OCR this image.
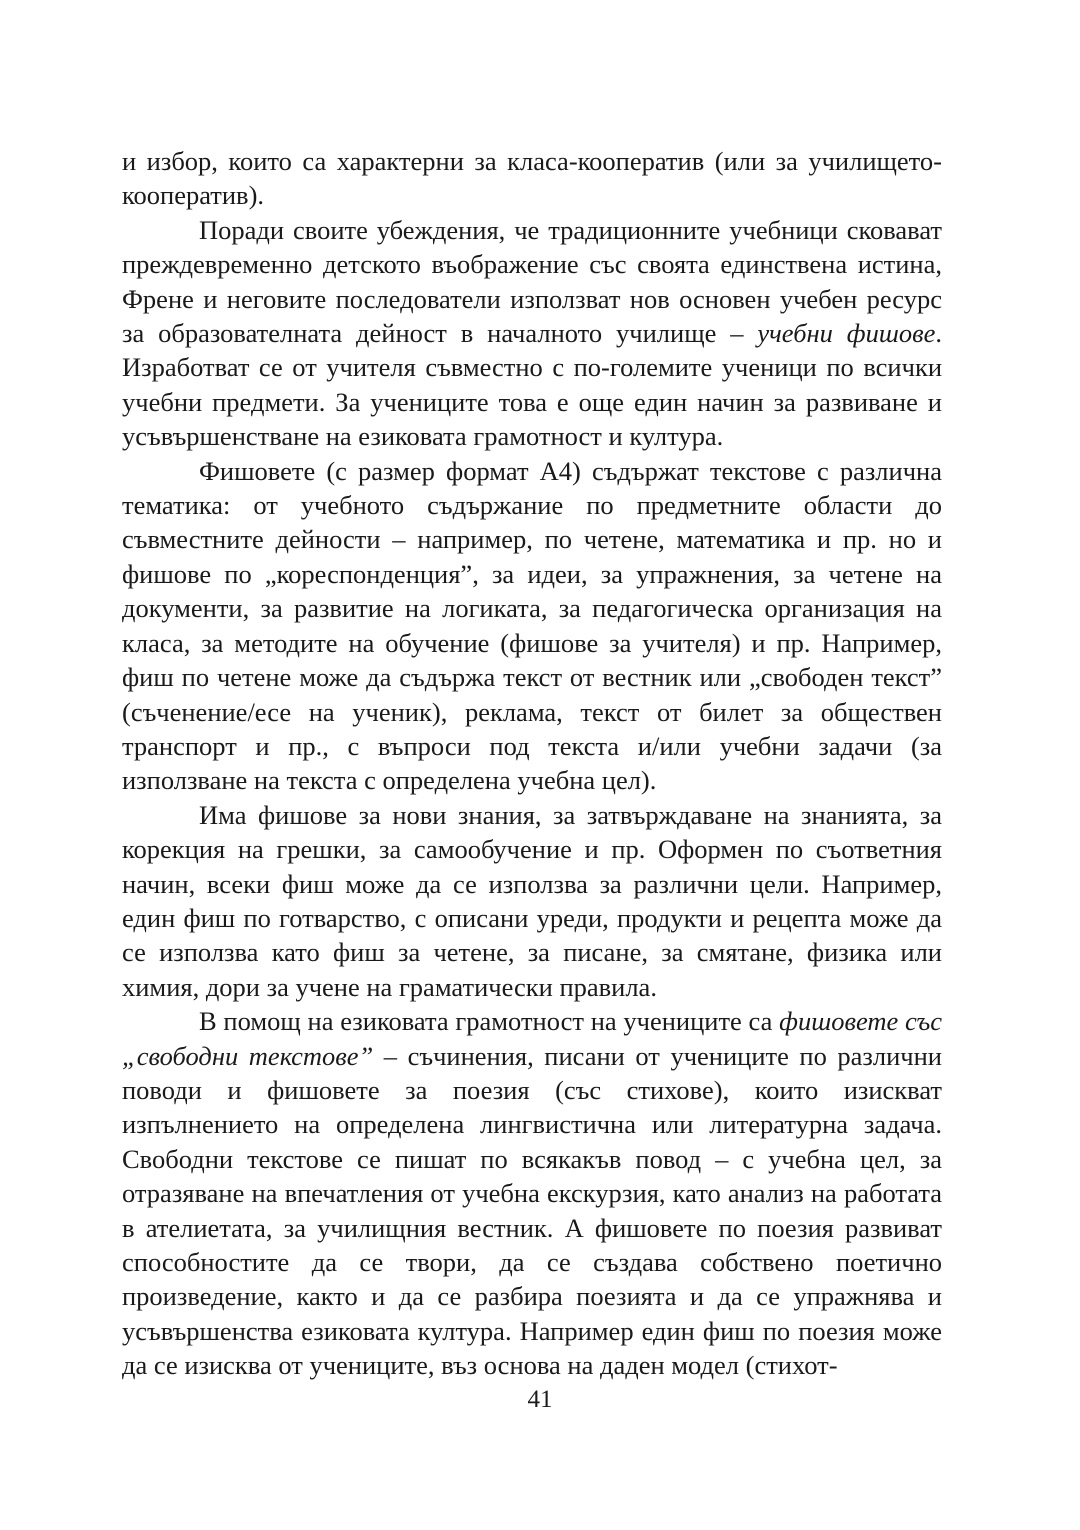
и избор, които са характерни за класа-кооператив (или за училището-кооператив).

Поради своите убеждения, че традиционните учебници сковават преждевременно детското въображение със своята единствена истина, Френе и неговите последователи използват нов основен учебен ресурс за образователната дейност в началното училище – учебни фишове. Изработват се от учителя съвместно с по-големите ученици по всички учебни предмети. За учениците това е още един начин за развиване и усъвършенстване на езиковата грамотност и култура.

Фишовете (с размер формат А4) съдържат текстове с различна тематика: от учебното съдържание по предметните области до съвместните дейности – например, по четене, математика и пр. но и фишове по „кореспонденция”, за идеи, за упражнения, за четене на документи, за развитие на логиката, за педагогическа организация на класа, за методите на обучение (фишове за учителя) и пр. Например, фиш по четене може да съдържа текст от вестник или „свободен текст” (съченение/есе на ученик), реклама, текст от билет за обществен транспорт и пр., с въпроси под текста и/или учебни задачи (за използване на текста с определена учебна цел).

Има фишове за нови знания, за затвърждаване на знанията, за корекция на грешки, за самообучение и пр. Оформен по съответния начин, всеки фиш може да се използва за различни цели. Например, един фиш по готварство, с описани уреди, продукти и рецепта може да се използва като фиш за четене, за писане, за смятане, физика или химия, дори за учене на граматически правила.

В помощ на езиковата грамотност на учениците са фишовете със „свободни текстове” – съчинения, писани от учениците по различни поводи и фишовете за поезия (със стихове), които изискват изпълнението на определена лингвистична или литературна задача. Свободни текстове се пишат по всякакъв повод – с учебна цел, за отразяване на впечатления от учебна екскурзия, като анализ на работата в ателиетата, за училищния вестник. А фишовете по поезия развиват способностите да се твори, да се създава собствено поетично произведение, както и да се разбира поезията и да се упражнява и усъвършенства езиковата култура. Например един фиш по поезия може да се изисква от учениците, въз основа на даден модел (стихот-

41
